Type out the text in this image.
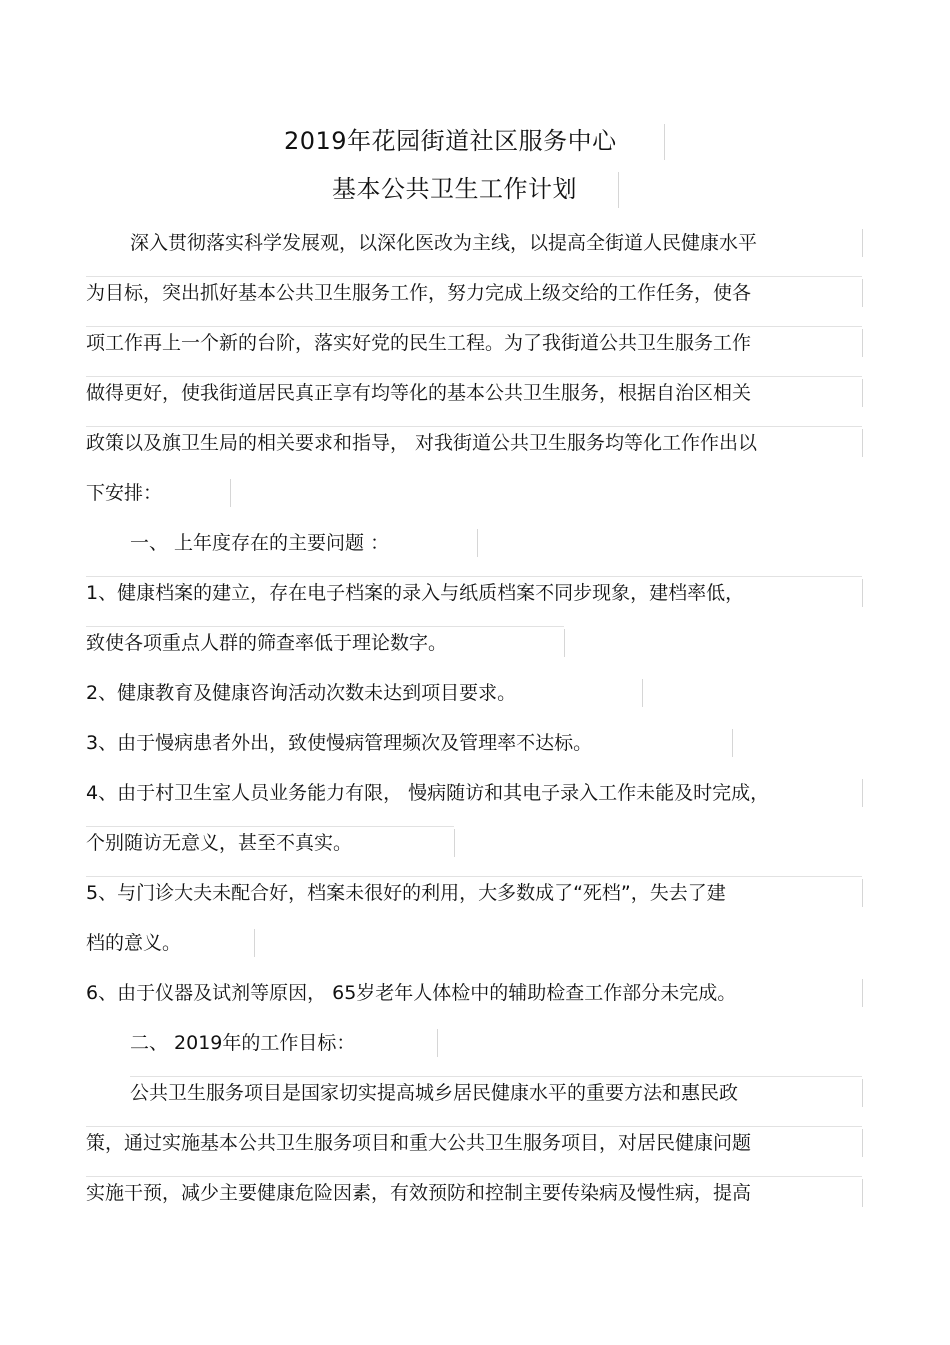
2019年花园街道社区服务中心
基本公共卫生工作计划
深入贯彻落实科学发展观，以深化医改为主线，以提高全街道人民健康水平
为目标，突出抓好基本公共卫生服务工作，努力完成上级交给的工作任务，使各
项工作再上一个新的台阶，落实好党的民生工程。为了我街道公共卫生服务工作
做得更好，使我街道居民真正享有均等化的基本公共卫生服务，根据自治区相关
政策以及旗卫生局的相关要求和指导， 对我街道公共卫生服务均等化工作作出以
下安排：
一、 上年度存在的主要问题 ：
1、健康档案的建立，存在电子档案的录入与纸质档案不同步现象，建档率低，
致使各项重点人群的筛查率低于理论数字。
2、健康教育及健康咨询活动次数未达到项目要求。
3、由于慢病患者外出，致使慢病管理频次及管理率不达标。
4、由于村卫生室人员业务能力有限， 慢病随访和其电子录入工作未能及时完成，
个别随访无意义，甚至不真实。
5、与门诊大夫未配合好，档案未很好的利用，大多数成了“死档”，失去了建
档的意义。
6、由于仪器及试剂等原因， 65岁老年人体检中的辅助检查工作部分未完成。
二、 2019年的工作目标：
公共卫生服务项目是国家切实提高城乡居民健康水平的重要方法和惠民政
策，通过实施基本公共卫生服务项目和重大公共卫生服务项目，对居民健康问题
实施干预，减少主要健康危险因素，有效预防和控制主要传染病及慢性病，提高
